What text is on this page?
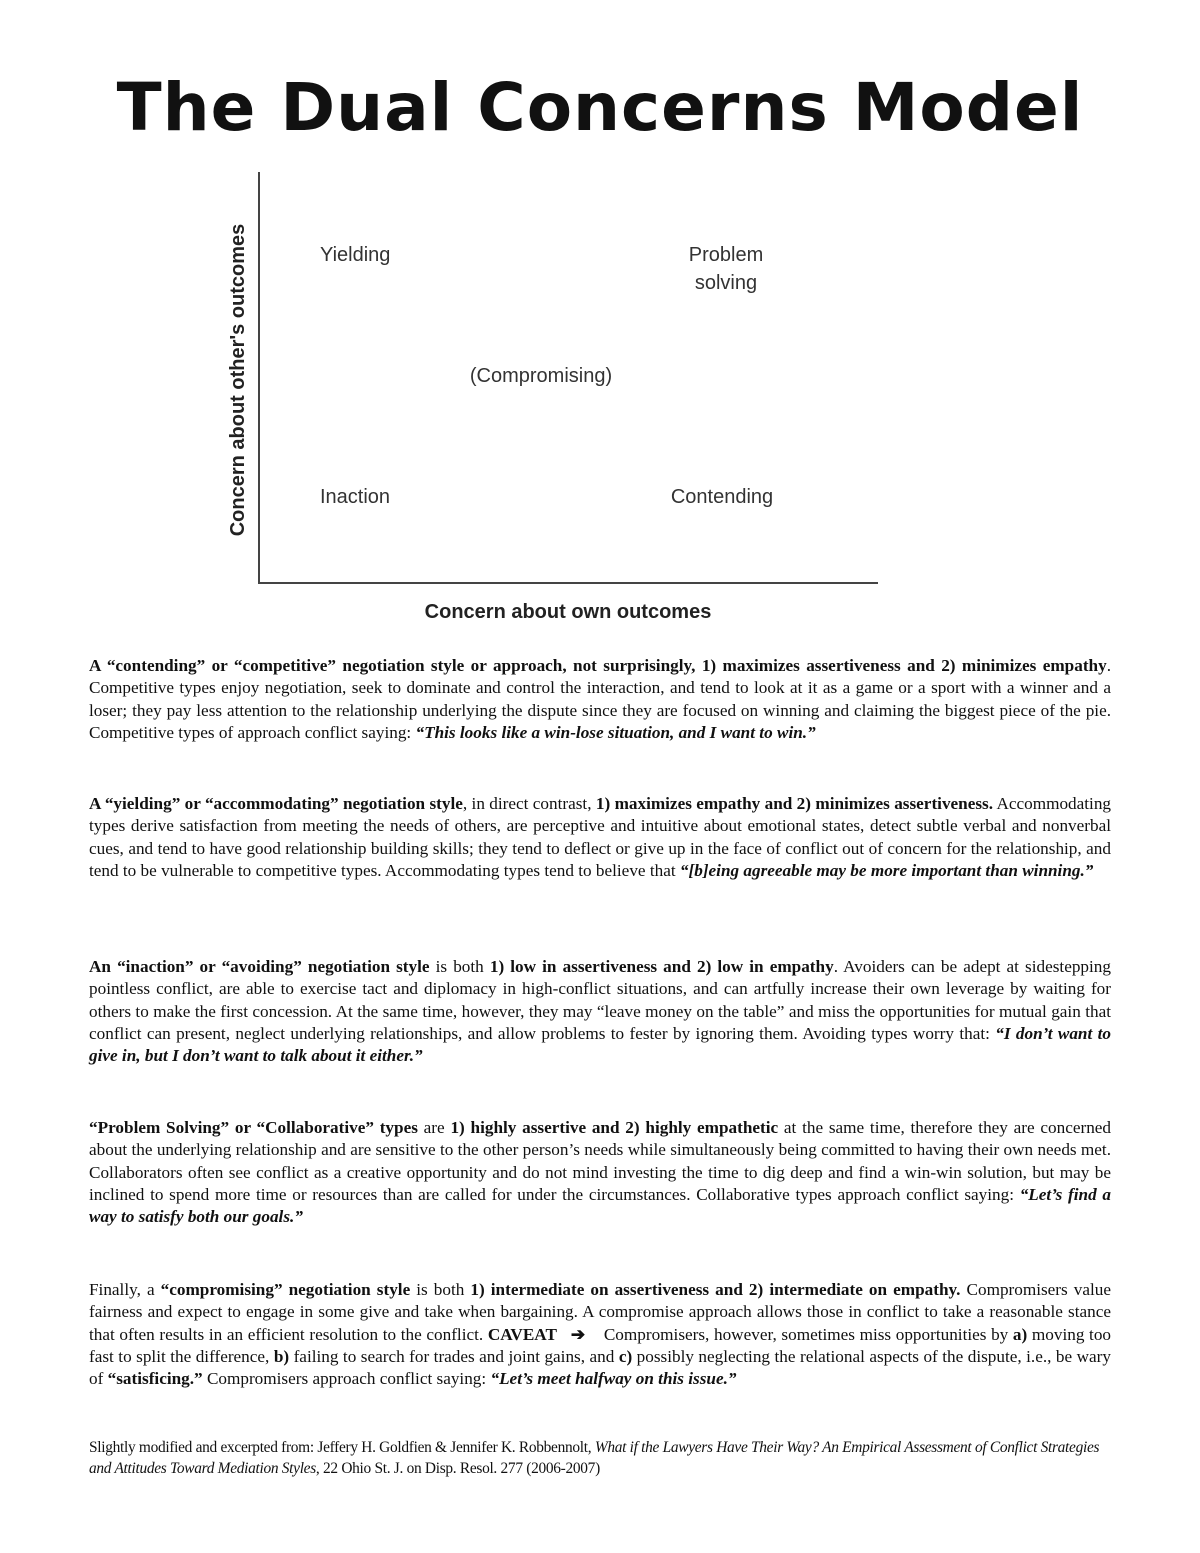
The Dual Concerns Model
Concern about other's outcomes
Concern about own outcomes
Yielding	Problem
solving
(Compromising)
Inaction	Contending

A “contending” or “competitive” negotiation style or approach, not surprisingly, 1) maximizes assertiveness and 2) minimizes empathy. Competitive types enjoy negotiation, seek to dominate and control the interaction, and tend to look at it as a game or a sport with a winner and a loser; they pay less attention to the relationship underlying the dispute since they are focused on winning and claiming the biggest piece of the pie. Competitive types of approach conflict saying: “This looks like a win-lose situation, and I want to win.”

A “yielding” or “accommodating” negotiation style, in direct contrast, 1) maximizes empathy and 2) minimizes assertiveness. Accommodating types derive satisfaction from meeting the needs of others, are perceptive and intuitive about emotional states, detect subtle verbal and nonverbal cues, and tend to have good relationship building skills; they tend to deflect or give up in the face of conflict out of concern for the relationship, and tend to be vulnerable to competitive types. Accommodating types tend to believe that “[b]eing agreeable may be more important than winning.”

An “inaction” or “avoiding” negotiation style is both 1) low in assertiveness and 2) low in empathy. Avoiders can be adept at sidestepping pointless conflict, are able to exercise tact and diplomacy in high-conflict situations, and can artfully increase their own leverage by waiting for others to make the first concession. At the same time, however, they may “leave money on the table” and miss the opportunities for mutual gain that conflict can present, neglect underlying relationships, and allow problems to fester by ignoring them. Avoiding types worry that: “I don’t want to give in, but I don’t want to talk about it either.”

“Problem Solving” or “Collaborative” types are 1) highly assertive and 2) highly empathetic at the same time, therefore they are concerned about the underlying relationship and are sensitive to the other person’s needs while simultaneously being committed to having their own needs met. Collaborators often see conflict as a creative opportunity and do not mind investing the time to dig deep and find a win-win solution, but may be inclined to spend more time or resources than are called for under the circumstances. Collaborative types approach conflict saying: “Let’s find a way to satisfy both our goals.”

Finally, a “compromising” negotiation style is both 1) intermediate on assertiveness and 2) intermediate on empathy. Compromisers value fairness and expect to engage in some give and take when bargaining. A compromise approach allows those in conflict to take a reasonable stance that often results in an efficient resolution to the conflict. CAVEAT ➔    Compromisers, however, sometimes miss opportunities by a) moving too fast to split the difference, b) failing to search for trades and joint gains, and c) possibly neglecting the relational aspects of the dispute, i.e., be wary of “satisficing.” Compromisers approach conflict saying: “Let’s meet halfway on this issue.”

Slightly modified and excerpted from: Jeffery H. Goldfien & Jennifer K. Robbennolt, What if the Lawyers Have Their Way? An Empirical Assessment of Conflict Strategies and Attitudes Toward Mediation Styles, 22 Ohio St. J. on Disp. Resol. 277 (2006-2007)
